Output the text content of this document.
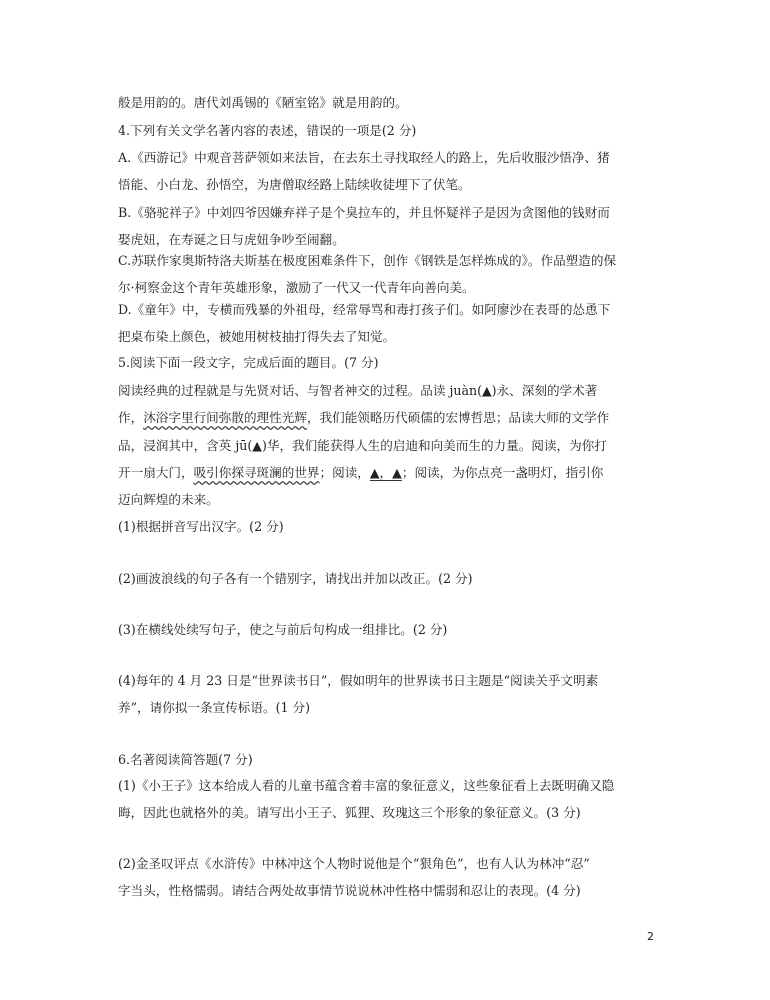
般是用韵的。唐代刘禹锡的《陋室铭》就是用韵的。
4.下列有关文学名著内容的表述，错误的一项是(2 分)
A.《西游记》中观音菩萨领如来法旨，在去东土寻找取经人的路上，先后收服沙悟净、猪
悟能、小白龙、孙悟空，为唐僧取经路上陆续收徒埋下了伏笔。
B.《骆驼祥子》中刘四爷因嫌弃祥子是个臭拉车的，并且怀疑祥子是因为贪图他的钱财而
娶虎妞，在寿诞之日与虎妞争吵至闹翻。
C.苏联作家奥斯特洛夫斯基在极度困难条件下，创作《钢铁是怎样炼成的》。作品塑造的保
尔·柯察金这个青年英雄形象，激励了一代又一代青年向善向美。
D.《童年》中，专横而残暴的外祖母，经常辱骂和毒打孩子们。如阿廖沙在表哥的怂恿下
把桌布染上颜色，被她用树枝抽打得失去了知觉。
5.阅读下面一段文字，完成后面的题目。(7 分)
阅读经典的过程就是与先贤对话、与智者神交的过程。品读 juàn(▲)永、深刻的学术著
作，沐浴字里行间弥散的理性光辉，我们能领略历代硕儒的宏博哲思；品读大师的文学作
品，浸润其中，含英 jū(▲)华，我们能获得人生的启迪和向美而生的力量。阅读，为你打
开一扇大门，吸引你探寻斑澜的世界；阅读，▲，▲；阅读，为你点亮一盏明灯，指引你
迈向辉煌的未来。
(1)根据拼音写出汉字。(2 分)
(2)画波浪线的句子各有一个错别字，请找出并加以改正。(2 分)
(3)在横线处续写句子，使之与前后句构成一组排比。(2 分)
(4)每年的 4 月 23 日是“世界读书日”，假如明年的世界读书日主题是“阅读关乎文明素
养”，请你拟一条宣传标语。(1 分)
6.名著阅读简答题(7 分)
(1)《小王子》这本给成人看的儿童书蕴含着丰富的象征意义，这些象征看上去既明确又隐
晦，因此也就格外的美。请写出小王子、狐狸、玫瑰这三个形象的象征意义。(3 分)
(2)金圣叹评点《水浒传》中林冲这个人物时说他是个“狠角色”，也有人认为林冲“忍”
字当头，性格懦弱。请结合两处故事情节说说林冲性格中懦弱和忍让的表现。(4 分)
2
